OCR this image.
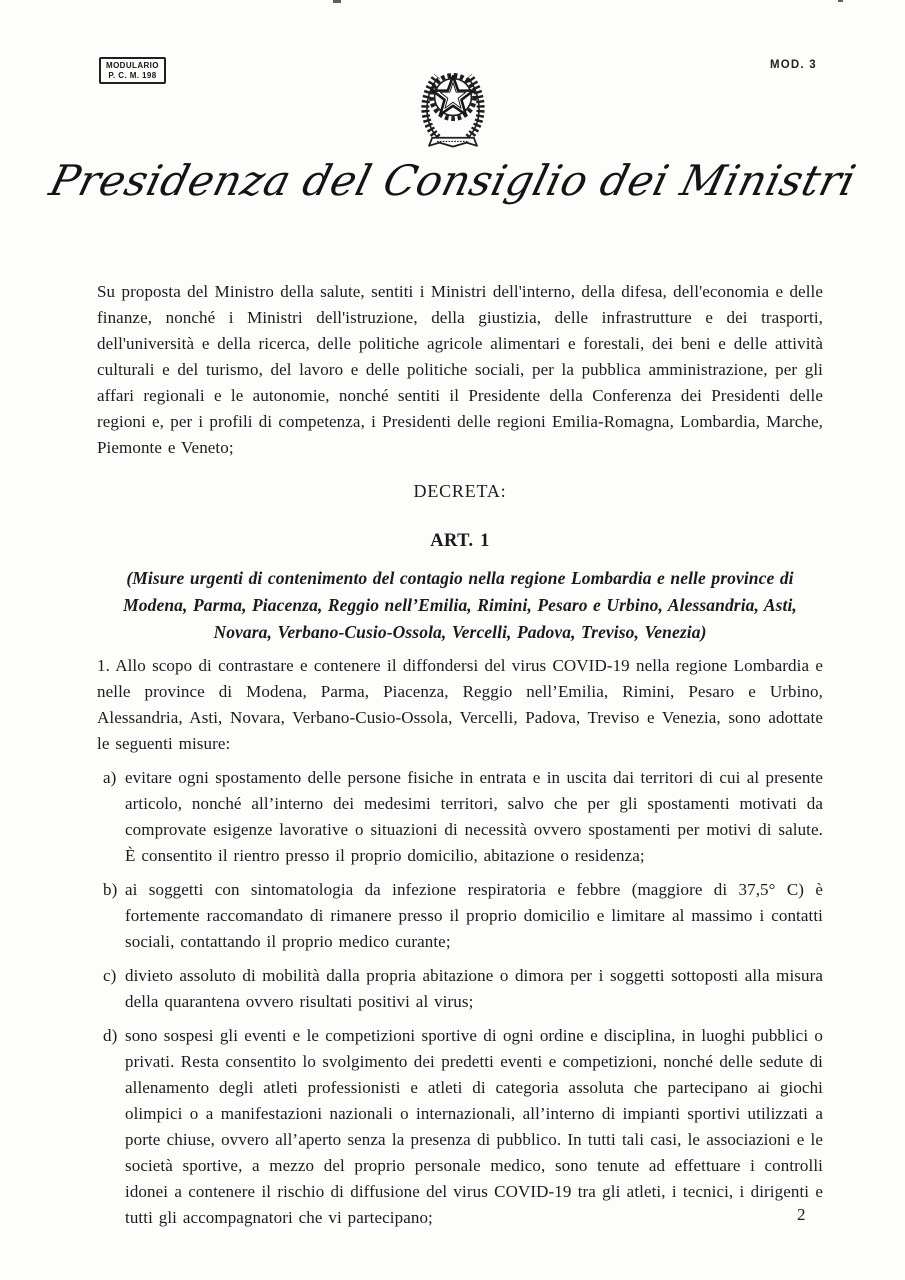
MODULARIO
P. C. M. 198
MOD. 3
Presidenza del Consiglio dei Ministri

Su proposta del Ministro della salute, sentiti i Ministri dell'interno, della difesa, dell'economia e delle finanze, nonché i Ministri dell'istruzione, della giustizia, delle infrastrutture e dei trasporti, dell'università e della ricerca, delle politiche agricole alimentari e forestali, dei beni e delle attività culturali e del turismo, del lavoro e delle politiche sociali, per la pubblica amministrazione, per gli affari regionali e le autonomie, nonché sentiti il Presidente della Conferenza dei Presidenti delle regioni e, per i profili di competenza, i Presidenti delle regioni Emilia-Romagna, Lombardia, Marche, Piemonte e Veneto;

DECRETA:
ART. 1
(Misure urgenti di contenimento del contagio nella regione Lombardia e nelle province di Modena, Parma, Piacenza, Reggio nell’Emilia, Rimini, Pesaro e Urbino, Alessandria, Asti, Novara, Verbano-Cusio-Ossola, Vercelli, Padova, Treviso, Venezia)

1. Allo scopo di contrastare e contenere il diffondersi del virus COVID-19 nella regione Lombardia e nelle province di Modena, Parma, Piacenza, Reggio nell’Emilia, Rimini, Pesaro e Urbino, Alessandria, Asti, Novara, Verbano-Cusio-Ossola, Vercelli, Padova, Treviso e Venezia, sono adottate le seguenti misure:

a) evitare ogni spostamento delle persone fisiche in entrata e in uscita dai territori di cui al presente articolo, nonché all’interno dei medesimi territori, salvo che per gli spostamenti motivati da comprovate esigenze lavorative o situazioni di necessità ovvero spostamenti per motivi di salute. È consentito il rientro presso il proprio domicilio, abitazione o residenza;
b) ai soggetti con sintomatologia da infezione respiratoria e febbre (maggiore di 37,5° C) è fortemente raccomandato di rimanere presso il proprio domicilio e limitare al massimo i contatti sociali, contattando il proprio medico curante;
c) divieto assoluto di mobilità dalla propria abitazione o dimora per i soggetti sottoposti alla misura della quarantena ovvero risultati positivi al virus;
d) sono sospesi gli eventi e le competizioni sportive di ogni ordine e disciplina, in luoghi pubblici o privati. Resta consentito lo svolgimento dei predetti eventi e competizioni, nonché delle sedute di allenamento degli atleti professionisti e atleti di categoria assoluta che partecipano ai giochi olimpici o a manifestazioni nazionali o internazionali, all’interno di impianti sportivi utilizzati a porte chiuse, ovvero all’aperto senza la presenza di pubblico. In tutti tali casi, le associazioni e le società sportive, a mezzo del proprio personale medico, sono tenute ad effettuare i controlli idonei a contenere il rischio di diffusione del virus COVID-19 tra gli atleti, i tecnici, i dirigenti e tutti gli accompagnatori che vi partecipano;	2
